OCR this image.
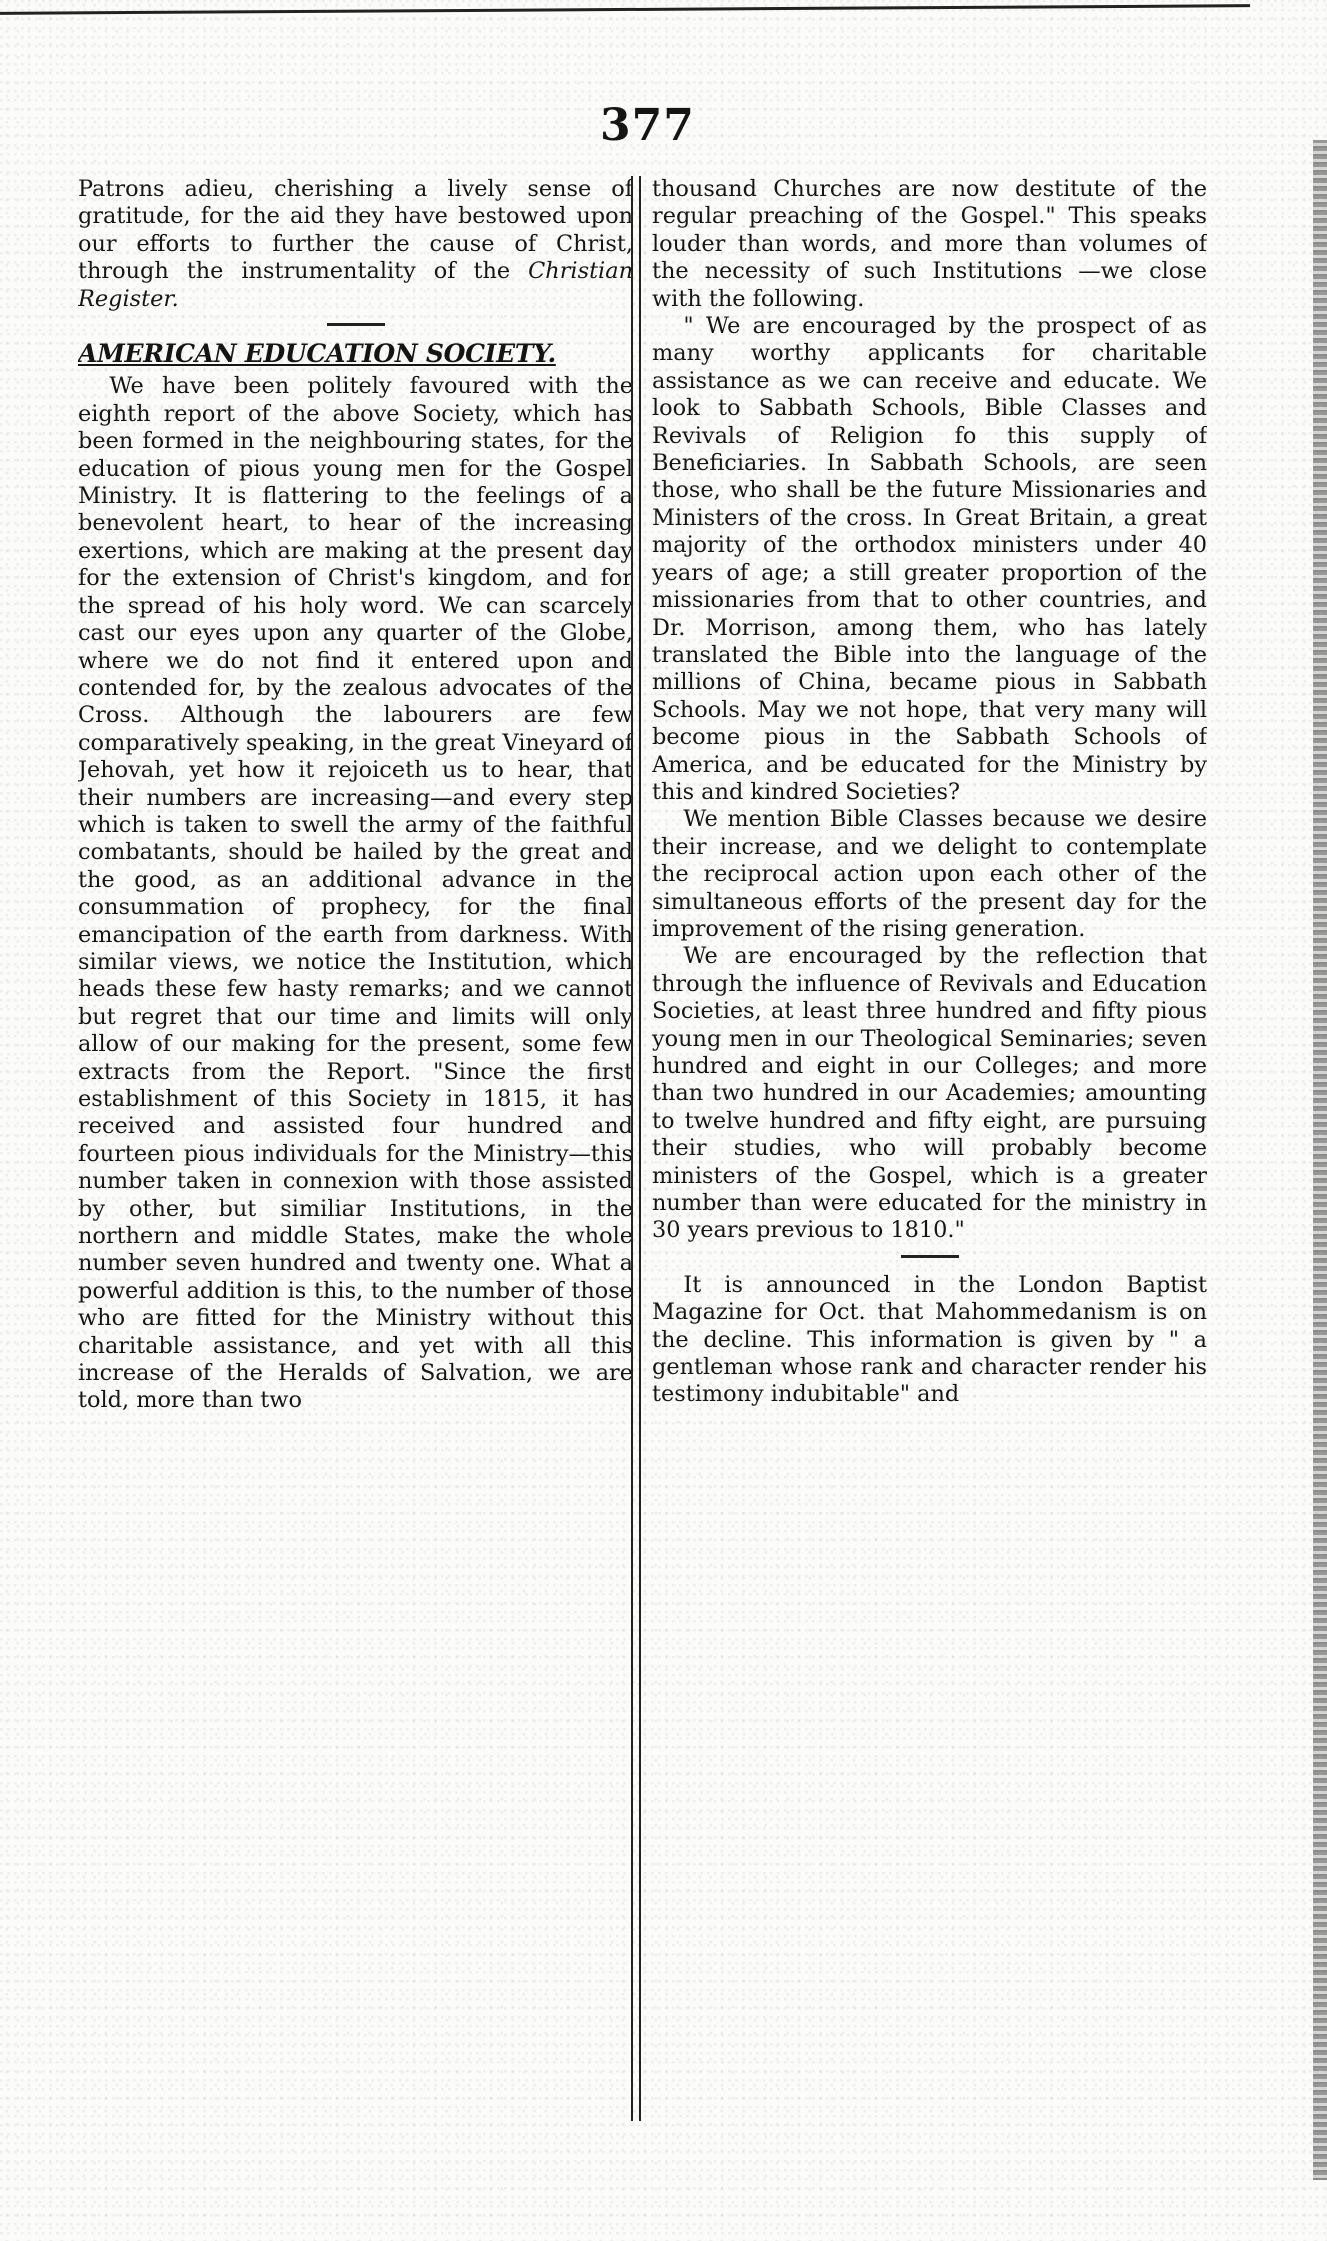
377

Patrons adieu, cherishing a lively sense of gratitude, for the aid they have bestowed upon our efforts to further the cause of Christ, through the instrumentality of the Christian Register.

AMERICAN EDUCATION SOCIETY.

We have been politely favoured with the eighth report of the above Society, which has been formed in the neighbouring states, for the education of pious young men for the Gospel Ministry. It is flattering to the feelings of a benevolent heart, to hear of the increasing exertions, which are making at the present day for the extension of Christ's kingdom, and for the spread of his holy word. We can scarcely cast our eyes upon any quarter of the Globe, where we do not find it entered upon and contended for, by the zealous advocates of the Cross. Although the labourers are few comparatively speaking, in the great Vineyard of Jehovah, yet how it rejoiceth us to hear, that their numbers are increasing—and every step which is taken to swell the army of the faithful combatants, should be hailed by the great and the good, as an additional advance in the consummation of prophecy, for the final emancipation of the earth from darkness. With similar views, we notice the Institution, which heads these few hasty remarks; and we cannot but regret that our time and limits will only allow of our making for the present, some few extracts from the Report. "Since the first establishment of this Society in 1815, it has received and assisted four hundred and fourteen pious individuals for the Ministry—this number taken in connexion with those assisted by other, but similiar Institutions, in the northern and middle States, make the whole number seven hundred and twenty one. What a powerful addition is this, to the number of those who are fitted for the Ministry without this charitable assistance, and yet with all this increase of the Heralds of Salvation, we are told, more than two

thousand Churches are now destitute of the regular preaching of the Gospel." This speaks louder than words, and more than volumes of the necessity of such Institutions —we close with the following.

" We are encouraged by the prospect of as many worthy applicants for charitable assistance as we can receive and educate. We look to Sabbath Schools, Bible Classes and Revivals of Religion fo this supply of Beneficiaries. In Sabbath Schools, are seen those, who shall be the future Missionaries and Ministers of the cross. In Great Britain, a great majority of the orthodox ministers under 40 years of age; a still greater proportion of the missionaries from that to other countries, and Dr. Morrison, among them, who has lately translated the Bible into the language of the millions of China, became pious in Sabbath Schools. May we not hope, that very many will become pious in the Sabbath Schools of America, and be educated for the Ministry by this and kindred Societies?

We mention Bible Classes because we desire their increase, and we delight to contemplate the reciprocal action upon each other of the simultaneous efforts of the present day for the improvement of the rising generation.

We are encouraged by the reflection that through the influence of Revivals and Education Societies, at least three hundred and fifty pious young men in our Theological Seminaries; seven hundred and eight in our Colleges; and more than two hundred in our Academies; amounting to twelve hundred and fifty eight, are pursuing their studies, who will probably become ministers of the Gospel, which is a greater number than were educated for the ministry in 30 years previous to 1810."

It is announced in the London Baptist Magazine for Oct. that Mahommedanism is on the decline. This information is given by " a gentleman whose rank and character render his testimony indubitable" and
